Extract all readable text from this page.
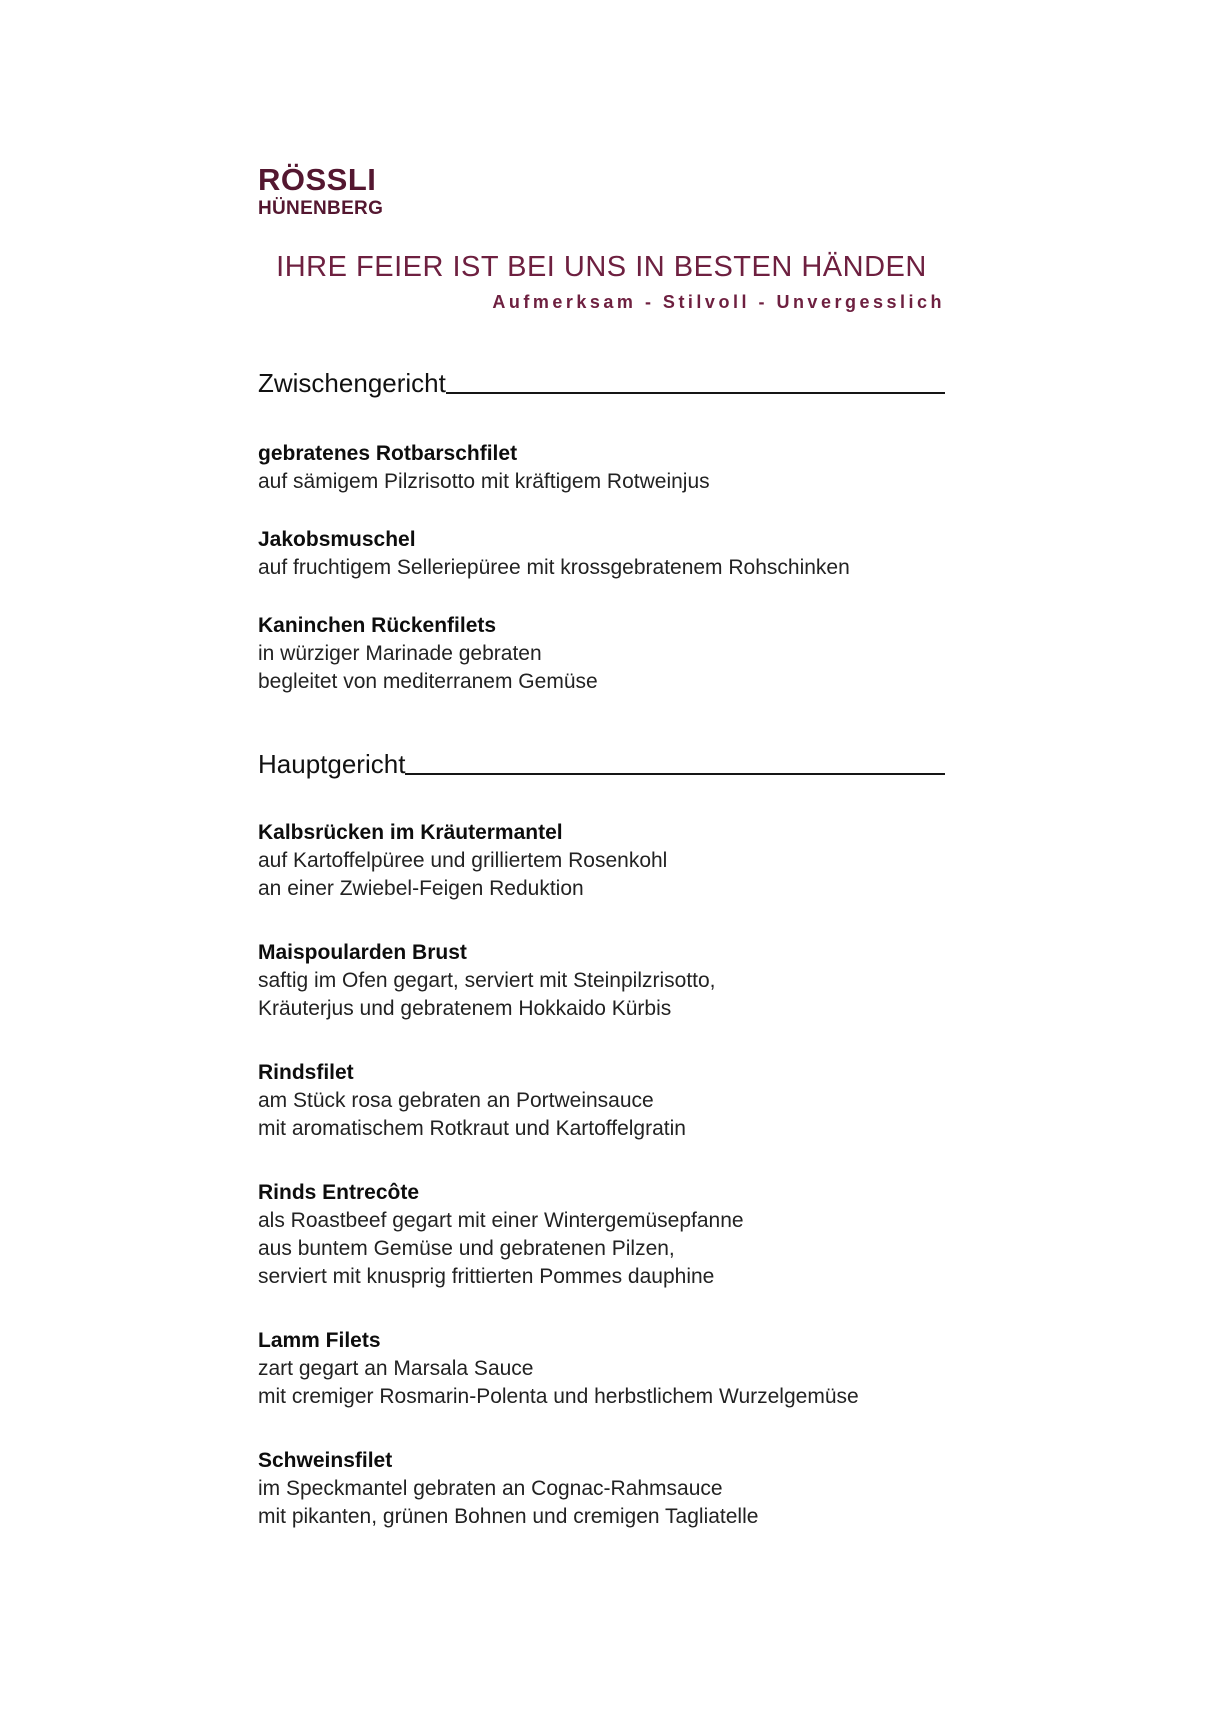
RÖSSLI
HÜNENBERG
IHRE FEIER IST BEI UNS IN BESTEN HÄNDEN
Aufmerksam - Stilvoll - Unvergesslich
Zwischengericht
gebratenes Rotbarschfilet
auf sämigem Pilzrisotto mit kräftigem Rotweinjus
Jakobsmuschel
auf fruchtigem Selleriepüree mit krossgebratenem Rohschinken
Kaninchen Rückenfilets
in würziger Marinade gebraten
begleitet von mediterranem Gemüse
Hauptgericht
Kalbsrücken im Kräutermantel
auf Kartoffelpüree und grilliertem Rosenkohl
an einer Zwiebel-Feigen Reduktion
Maispoularden Brust
saftig im Ofen gegart, serviert mit Steinpilzrisotto,
Kräuterjus und gebratenem Hokkaido Kürbis
Rindsfilet
am Stück rosa gebraten an Portweinsauce
mit aromatischem Rotkraut und Kartoffelgratin
Rinds Entrecôte
als Roastbeef gegart mit einer Wintergemüsepfanne
aus buntem Gemüse und gebratenen Pilzen,
serviert mit knusprig frittierten Pommes dauphine
Lamm Filets
zart gegart an Marsala Sauce
mit cremiger Rosmarin-Polenta und herbstlichem Wurzelgemüse
Schweinsfilet
im Speckmantel gebraten an Cognac-Rahmsauce
mit pikanten, grünen Bohnen und cremigen Tagliatelle
